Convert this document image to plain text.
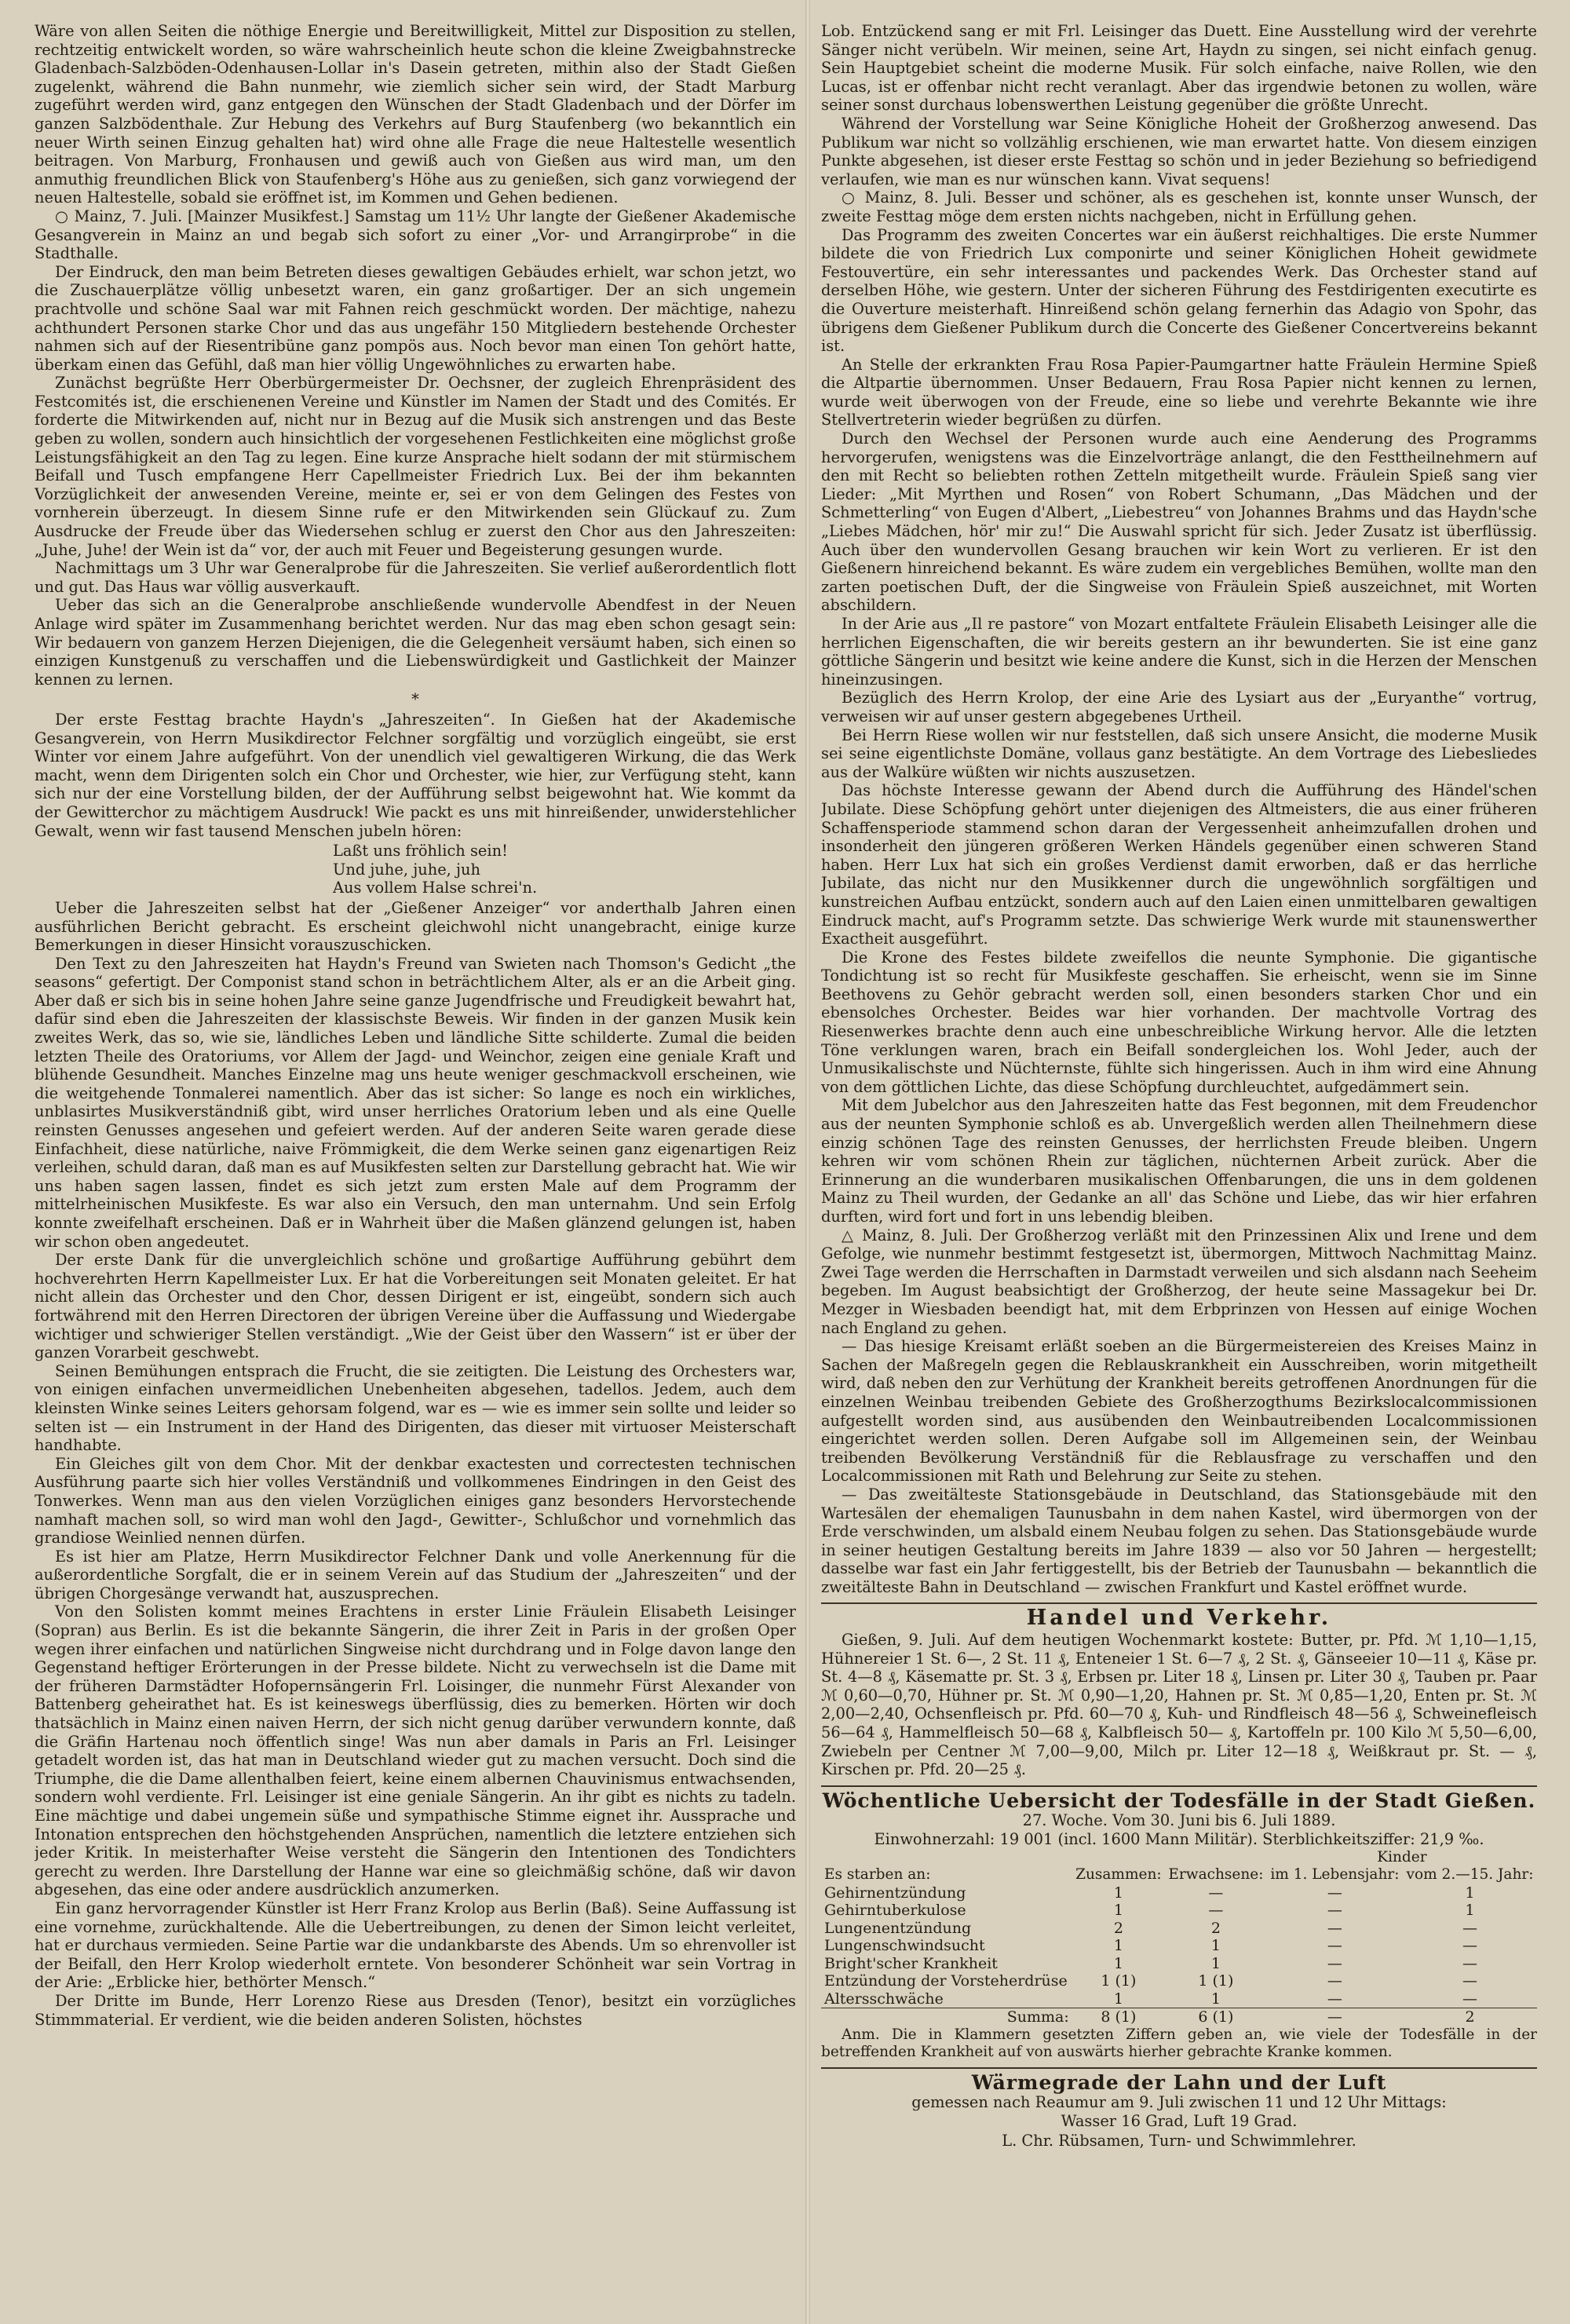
Wäre von allen Seiten die nöthige Energie und Bereitwilligkeit, Mittel zur Disposition zu stellen, rechtzeitig entwickelt worden, so wäre wahrscheinlich heute schon die kleine Zweigbahnstrecke Gladenbach-Salzböden-Odenhausen-Lollar in's Dasein getreten, mithin also der Stadt Gießen zugelenkt, während die Bahn nunmehr, wie ziemlich sicher sein wird, der Stadt Marburg zugeführt werden wird, ganz entgegen den Wünschen der Stadt Gladenbach und der Dörfer im ganzen Salzbödenthale. Zur Hebung des Verkehrs auf Burg Staufenberg (wo bekanntlich ein neuer Wirth seinen Einzug gehalten hat) wird ohne alle Frage die neue Haltestelle wesentlich beitragen. Von Marburg, Fronhausen und gewiß auch von Gießen aus wird man, um den anmuthig freundlichen Blick von Staufenberg's Höhe aus zu genießen, sich ganz vorwiegend der neuen Haltestelle, sobald sie eröffnet ist, im Kommen und Gehen bedienen.

○ Mainz, 7. Juli. [Mainzer Musikfest.] Samstag um 11½ Uhr langte der Gießener Akademische Gesangverein in Mainz an und begab sich sofort zu einer „Vor- und Arrangirprobe“ in die Stadthalle.

Der Eindruck, den man beim Betreten dieses gewaltigen Gebäudes erhielt, war schon jetzt, wo die Zuschauerplätze völlig unbesetzt waren, ein ganz großartiger. Der an sich ungemein prachtvolle und schöne Saal war mit Fahnen reich geschmückt worden. Der mächtige, nahezu achthundert Personen starke Chor und das aus ungefähr 150 Mitgliedern bestehende Orchester nahmen sich auf der Riesentribüne ganz pompös aus. Noch bevor man einen Ton gehört hatte, überkam einen das Gefühl, daß man hier völlig Ungewöhnliches zu erwarten habe.

Zunächst begrüßte Herr Oberbürgermeister Dr. Oechsner, der zugleich Ehrenpräsident des Festcomités ist, die erschienenen Vereine und Künstler im Namen der Stadt und des Comités. Er forderte die Mitwirkenden auf, nicht nur in Bezug auf die Musik sich anstrengen und das Beste geben zu wollen, sondern auch hinsichtlich der vorgesehenen Festlichkeiten eine möglichst große Leistungsfähigkeit an den Tag zu legen. Eine kurze Ansprache hielt sodann der mit stürmischem Beifall und Tusch empfangene Herr Capellmeister Friedrich Lux. Bei der ihm bekannten Vorzüglichkeit der anwesenden Vereine, meinte er, sei er von dem Gelingen des Festes von vornherein überzeugt. In diesem Sinne rufe er den Mitwirkenden sein Glückauf zu. Zum Ausdrucke der Freude über das Wiedersehen schlug er zuerst den Chor aus den Jahreszeiten: „Juhe, Juhe! der Wein ist da“ vor, der auch mit Feuer und Begeisterung gesungen wurde.

Nachmittags um 3 Uhr war Generalprobe für die Jahreszeiten. Sie verlief außerordentlich flott und gut. Das Haus war völlig ausverkauft.

Ueber das sich an die Generalprobe anschließende wundervolle Abendfest in der Neuen Anlage wird später im Zusammenhang berichtet werden. Nur das mag eben schon gesagt sein: Wir bedauern von ganzem Herzen Diejenigen, die die Gelegenheit versäumt haben, sich einen so einzigen Kunstgenuß zu verschaffen und die Liebenswürdigkeit und Gastlichkeit der Mainzer kennen zu lernen.

*

Der erste Festtag brachte Haydn's „Jahreszeiten“. In Gießen hat der Akademische Gesangverein, von Herrn Musikdirector Felchner sorgfältig und vorzüglich eingeübt, sie erst Winter vor einem Jahre aufgeführt. Von der unendlich viel gewaltigeren Wirkung, die das Werk macht, wenn dem Dirigenten solch ein Chor und Orchester, wie hier, zur Verfügung steht, kann sich nur der eine Vorstellung bilden, der der Aufführung selbst beigewohnt hat. Wie kommt da der Gewitterchor zu mächtigem Ausdruck! Wie packt es uns mit hinreißender, unwiderstehlicher Gewalt, wenn wir fast tausend Menschen jubeln hören:

Laßt uns fröhlich sein!
Und juhe, juhe, juh
Aus vollem Halse schrei'n.

Ueber die Jahreszeiten selbst hat der „Gießener Anzeiger“ vor anderthalb Jahren einen ausführlichen Bericht gebracht. Es erscheint gleichwohl nicht unangebracht, einige kurze Bemerkungen in dieser Hinsicht vorauszuschicken.

Den Text zu den Jahreszeiten hat Haydn's Freund van Swieten nach Thomson's Gedicht „the seasons“ gefertigt. Der Componist stand schon in beträchtlichem Alter, als er an die Arbeit ging. Aber daß er sich bis in seine hohen Jahre seine ganze Jugendfrische und Freudigkeit bewahrt hat, dafür sind eben die Jahreszeiten der klassischste Beweis. Wir finden in der ganzen Musik kein zweites Werk, das so, wie sie, ländliches Leben und ländliche Sitte schilderte. Zumal die beiden letzten Theile des Oratoriums, vor Allem der Jagd- und Weinchor, zeigen eine geniale Kraft und blühende Gesundheit. Manches Einzelne mag uns heute weniger geschmackvoll erscheinen, wie die weitgehende Tonmalerei namentlich. Aber das ist sicher: So lange es noch ein wirkliches, unblasirtes Musikverständniß gibt, wird unser herrliches Oratorium leben und als eine Quelle reinsten Genusses angesehen und gefeiert werden. Auf der anderen Seite waren gerade diese Einfachheit, diese natürliche, naive Frömmigkeit, die dem Werke seinen ganz eigenartigen Reiz verleihen, schuld daran, daß man es auf Musikfesten selten zur Darstellung gebracht hat. Wie wir uns haben sagen lassen, findet es sich jetzt zum ersten Male auf dem Programm der mittelrheinischen Musikfeste. Es war also ein Versuch, den man unternahm. Und sein Erfolg konnte zweifelhaft erscheinen. Daß er in Wahrheit über die Maßen glänzend gelungen ist, haben wir schon oben angedeutet.

Der erste Dank für die unvergleichlich schöne und großartige Aufführung gebührt dem hochverehrten Herrn Kapellmeister Lux. Er hat die Vorbereitungen seit Monaten geleitet. Er hat nicht allein das Orchester und den Chor, dessen Dirigent er ist, eingeübt, sondern sich auch fortwährend mit den Herren Directoren der übrigen Vereine über die Auffassung und Wiedergabe wichtiger und schwieriger Stellen verständigt. „Wie der Geist über den Wassern“ ist er über der ganzen Vorarbeit geschwebt.

Seinen Bemühungen entsprach die Frucht, die sie zeitigten. Die Leistung des Orchesters war, von einigen einfachen unvermeidlichen Unebenheiten abgesehen, tadellos. Jedem, auch dem kleinsten Winke seines Leiters gehorsam folgend, war es — wie es immer sein sollte und leider so selten ist — ein Instrument in der Hand des Dirigenten, das dieser mit virtuoser Meisterschaft handhabte.

Ein Gleiches gilt von dem Chor. Mit der denkbar exactesten und correctesten technischen Ausführung paarte sich hier volles Verständniß und vollkommenes Eindringen in den Geist des Tonwerkes. Wenn man aus den vielen Vorzüglichen einiges ganz besonders Hervorstechende namhaft machen soll, so wird man wohl den Jagd-, Gewitter-, Schlußchor und vornehmlich das grandiose Weinlied nennen dürfen.

Es ist hier am Platze, Herrn Musikdirector Felchner Dank und volle Anerkennung für die außerordentliche Sorgfalt, die er in seinem Verein auf das Studium der „Jahreszeiten“ und der übrigen Chorgesänge verwandt hat, auszusprechen.

Von den Solisten kommt meines Erachtens in erster Linie Fräulein Elisabeth Leisinger (Sopran) aus Berlin. Es ist die bekannte Sängerin, die ihrer Zeit in Paris in der großen Oper wegen ihrer einfachen und natürlichen Singweise nicht durchdrang und in Folge davon lange den Gegenstand heftiger Erörterungen in der Presse bildete. Nicht zu verwechseln ist die Dame mit der früheren Darmstädter Hofopernsängerin Frl. Loisinger, die nunmehr Fürst Alexander von Battenberg geheirathet hat. Es ist keineswegs überflüssig, dies zu bemerken. Hörten wir doch thatsächlich in Mainz einen naiven Herrn, der sich nicht genug darüber verwundern konnte, daß die Gräfin Hartenau noch öffentlich singe! Was nun aber damals in Paris an Frl. Leisinger getadelt worden ist, das hat man in Deutschland wieder gut zu machen versucht. Doch sind die Triumphe, die die Dame allenthalben feiert, keine einem albernen Chauvinismus entwachsenden, sondern wohl verdiente. Frl. Leisinger ist eine geniale Sängerin. An ihr gibt es nichts zu tadeln. Eine mächtige und dabei ungemein süße und sympathische Stimme eignet ihr. Aussprache und Intonation entsprechen den höchstgehenden Ansprüchen, namentlich die letztere entziehen sich jeder Kritik. In meisterhafter Weise versteht die Sängerin den Intentionen des Tondichters gerecht zu werden. Ihre Darstellung der Hanne war eine so gleichmäßig schöne, daß wir davon abgesehen, das eine oder andere ausdrücklich anzumerken.

Ein ganz hervorragender Künstler ist Herr Franz Krolop aus Berlin (Baß). Seine Auffassung ist eine vornehme, zurückhaltende. Alle die Uebertreibungen, zu denen der Simon leicht verleitet, hat er durchaus vermieden. Seine Partie war die undankbarste des Abends. Um so ehrenvoller ist der Beifall, den Herr Krolop wiederholt erntete. Von besonderer Schönheit war sein Vortrag in der Arie: „Erblicke hier, bethörter Mensch.“

Der Dritte im Bunde, Herr Lorenzo Riese aus Dresden (Tenor), besitzt ein vorzügliches Stimmmaterial. Er verdient, wie die beiden anderen Solisten, höchstes

Lob. Entzückend sang er mit Frl. Leisinger das Duett. Eine Ausstellung wird der verehrte Sänger nicht verübeln. Wir meinen, seine Art, Haydn zu singen, sei nicht einfach genug. Sein Hauptgebiet scheint die moderne Musik. Für solch einfache, naive Rollen, wie den Lucas, ist er offenbar nicht recht veranlagt. Aber das irgendwie betonen zu wollen, wäre seiner sonst durchaus lobenswerthen Leistung gegenüber die größte Unrecht.

Während der Vorstellung war Seine Königliche Hoheit der Großherzog anwesend. Das Publikum war nicht so vollzählig erschienen, wie man erwartet hatte. Von diesem einzigen Punkte abgesehen, ist dieser erste Festtag so schön und in jeder Beziehung so befriedigend verlaufen, wie man es nur wünschen kann. Vivat sequens!

○ Mainz, 8. Juli. Besser und schöner, als es geschehen ist, konnte unser Wunsch, der zweite Festtag möge dem ersten nichts nachgeben, nicht in Erfüllung gehen.

Das Programm des zweiten Concertes war ein äußerst reichhaltiges. Die erste Nummer bildete die von Friedrich Lux componirte und seiner Königlichen Hoheit gewidmete Festouvertüre, ein sehr interessantes und packendes Werk. Das Orchester stand auf derselben Höhe, wie gestern. Unter der sicheren Führung des Festdirigenten executirte es die Ouverture meisterhaft. Hinreißend schön gelang fernerhin das Adagio von Spohr, das übrigens dem Gießener Publikum durch die Concerte des Gießener Concertvereins bekannt ist.

An Stelle der erkrankten Frau Rosa Papier-Paumgartner hatte Fräulein Hermine Spieß die Altpartie übernommen. Unser Bedauern, Frau Rosa Papier nicht kennen zu lernen, wurde weit überwogen von der Freude, eine so liebe und verehrte Bekannte wie ihre Stellvertreterin wieder begrüßen zu dürfen.

Durch den Wechsel der Personen wurde auch eine Aenderung des Programms hervorgerufen, wenigstens was die Einzelvorträge anlangt, die den Festtheilnehmern auf den mit Recht so beliebten rothen Zetteln mitgetheilt wurde. Fräulein Spieß sang vier Lieder: „Mit Myrthen und Rosen“ von Robert Schumann, „Das Mädchen und der Schmetterling“ von Eugen d'Albert, „Liebestreu“ von Johannes Brahms und das Haydn'sche „Liebes Mädchen, hör' mir zu!“ Die Auswahl spricht für sich. Jeder Zusatz ist überflüssig. Auch über den wundervollen Gesang brauchen wir kein Wort zu verlieren. Er ist den Gießenern hinreichend bekannt. Es wäre zudem ein vergebliches Bemühen, wollte man den zarten poetischen Duft, der die Singweise von Fräulein Spieß auszeichnet, mit Worten abschildern.

In der Arie aus „Il re pastore“ von Mozart entfaltete Fräulein Elisabeth Leisinger alle die herrlichen Eigenschaften, die wir bereits gestern an ihr bewunderten. Sie ist eine ganz göttliche Sängerin und besitzt wie keine andere die Kunst, sich in die Herzen der Menschen hineinzusingen.

Bezüglich des Herrn Krolop, der eine Arie des Lysiart aus der „Euryanthe“ vortrug, verweisen wir auf unser gestern abgegebenes Urtheil.

Bei Herrn Riese wollen wir nur feststellen, daß sich unsere Ansicht, die moderne Musik sei seine eigentlichste Domäne, vollaus ganz bestätigte. An dem Vortrage des Liebesliedes aus der Walküre wüßten wir nichts auszusetzen.

Das höchste Interesse gewann der Abend durch die Aufführung des Händel'schen Jubilate. Diese Schöpfung gehört unter diejenigen des Altmeisters, die aus einer früheren Schaffensperiode stammend schon daran der Vergessenheit anheimzufallen drohen und insonderheit den jüngeren größeren Werken Händels gegenüber einen schweren Stand haben. Herr Lux hat sich ein großes Verdienst damit erworben, daß er das herrliche Jubilate, das nicht nur den Musikkenner durch die ungewöhnlich sorgfältigen und kunstreichen Aufbau entzückt, sondern auch auf den Laien einen unmittelbaren gewaltigen Eindruck macht, auf's Programm setzte. Das schwierige Werk wurde mit staunenswerther Exactheit ausgeführt.

Die Krone des Festes bildete zweifellos die neunte Symphonie. Die gigantische Tondichtung ist so recht für Musikfeste geschaffen. Sie erheischt, wenn sie im Sinne Beethovens zu Gehör gebracht werden soll, einen besonders starken Chor und ein ebensolches Orchester. Beides war hier vorhanden. Der machtvolle Vortrag des Riesenwerkes brachte denn auch eine unbeschreibliche Wirkung hervor. Alle die letzten Töne verklungen waren, brach ein Beifall sondergleichen los. Wohl Jeder, auch der Unmusikalischste und Nüchternste, fühlte sich hingerissen. Auch in ihm wird eine Ahnung von dem göttlichen Lichte, das diese Schöpfung durchleuchtet, aufgedämmert sein.

Mit dem Jubelchor aus den Jahreszeiten hatte das Fest begonnen, mit dem Freudenchor aus der neunten Symphonie schloß es ab. Unvergeßlich werden allen Theilnehmern diese einzig schönen Tage des reinsten Genusses, der herrlichsten Freude bleiben. Ungern kehren wir vom schönen Rhein zur täglichen, nüchternen Arbeit zurück. Aber die Erinnerung an die wunderbaren musikalischen Offenbarungen, die uns in dem goldenen Mainz zu Theil wurden, der Gedanke an all' das Schöne und Liebe, das wir hier erfahren durften, wird fort und fort in uns lebendig bleiben.

△ Mainz, 8. Juli. Der Großherzog verläßt mit den Prinzessinen Alix und Irene und dem Gefolge, wie nunmehr bestimmt festgesetzt ist, übermorgen, Mittwoch Nachmittag Mainz. Zwei Tage werden die Herrschaften in Darmstadt verweilen und sich alsdann nach Seeheim begeben. Im August beabsichtigt der Großherzog, der heute seine Massagekur bei Dr. Mezger in Wiesbaden beendigt hat, mit dem Erbprinzen von Hessen auf einige Wochen nach England zu gehen.

— Das hiesige Kreisamt erläßt soeben an die Bürgermeistereien des Kreises Mainz in Sachen der Maßregeln gegen die Reblauskrankheit ein Ausschreiben, worin mitgetheilt wird, daß neben den zur Verhütung der Krankheit bereits getroffenen Anordnungen für die einzelnen Weinbau treibenden Gebiete des Großherzogthums Bezirkslocalcommissionen aufgestellt worden sind, aus ausübenden den Weinbautreibenden Localcommissionen eingerichtet werden sollen. Deren Aufgabe soll im Allgemeinen sein, der Weinbau treibenden Bevölkerung Verständniß für die Reblausfrage zu verschaffen und den Localcommissionen mit Rath und Belehrung zur Seite zu stehen.

— Das zweitälteste Stationsgebäude in Deutschland, das Stationsgebäude mit den Wartesälen der ehemaligen Taunusbahn in dem nahen Kastel, wird übermorgen von der Erde verschwinden, um alsbald einem Neubau folgen zu sehen. Das Stationsgebäude wurde in seiner heutigen Gestaltung bereits im Jahre 1839 — also vor 50 Jahren — hergestellt; dasselbe war fast ein Jahr fertiggestellt, bis der Betrieb der Taunusbahn — bekanntlich die zweitälteste Bahn in Deutschland — zwischen Frankfurt und Kastel eröffnet wurde.

Handel und Verkehr.

Gießen, 9. Juli. Auf dem heutigen Wochenmarkt kostete: Butter, pr. Pfd. ℳ 1,10—1,15, Hühnereier 1 St. 6—, 2 St. 11 ₰, Enteneier 1 St. 6—7 ₰, 2 St. ₰, Gänseeier 10—11 ₰, Käse pr. St. 4—8 ₰, Käsematte pr. St. 3 ₰, Erbsen pr. Liter 18 ₰, Linsen pr. Liter 30 ₰, Tauben pr. Paar ℳ 0,60—0,70, Hühner pr. St. ℳ 0,90—1,20, Hahnen pr. St. ℳ 0,85—1,20, Enten pr. St. ℳ 2,00—2,40, Ochsenfleisch pr. Pfd. 60—70 ₰, Kuh- und Rindfleisch 48—56 ₰, Schweinefleisch 56—64 ₰, Hammelfleisch 50—68 ₰, Kalbfleisch 50— ₰, Kartoffeln pr. 100 Kilo ℳ 5,50—6,00, Zwiebeln per Centner ℳ 7,00—9,00, Milch pr. Liter 12—18 ₰, Weißkraut pr. St. — ₰, Kirschen pr. Pfd. 20—25 ₰.

Wöchentliche Uebersicht der Todesfälle in der Stadt Gießen.
27. Woche. Vom 30. Juni bis 6. Juli 1889.
Einwohnerzahl: 19 001 (incl. 1600 Mann Militär). Sterblichkeitsziffer: 21,9 ‰.
			Kinder	
Es starben an:	Zusammen:	Erwachsene:	im 1. Lebensjahr:	vom 2.—15. Jahr:
Gehirnentzündung	1	—	—	1
Gehirntuberkulose	1	—	—	1
Lungenentzündung	2	2	—	—
Lungenschwindsucht	1	1	—	—
Bright'scher Krankheit	1	1	—	—
Entzündung der Vorsteherdrüse	1 (1)	1 (1)	—	—
Altersschwäche	1	1	—	—
Summa:	8 (1)	6 (1)	—	2

Anm. Die in Klammern gesetzten Ziffern geben an, wie viele der Todesfälle in der betreffenden Krankheit auf von auswärts hierher gebrachte Kranke kommen.

Wärmegrade der Lahn und der Luft
gemessen nach Reaumur am 9. Juli zwischen 11 und 12 Uhr Mittags:
Wasser 16 Grad, Luft 19 Grad.
L. Chr. Rübsamen, Turn- und Schwimmlehrer.
